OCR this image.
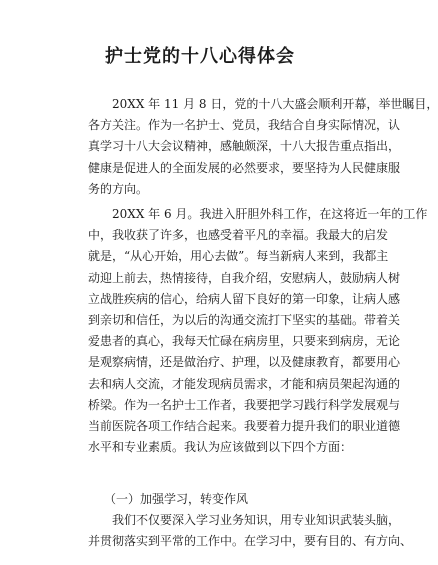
护士党的十八心得体会
　　20XX 年 11 月 8 日，党的十八大盛会顺利开幕，举世瞩目，
各方关注。作为一名护士、党员，我结合自身实际情况，认
真学习十八大会议精神，感触颇深，十八大报告重点指出，
健康是促进人的全面发展的必然要求，要坚持为人民健康服
务的方向。
　　20XX 年 6 月。我进入肝胆外科工作，在这将近一年的工作
中，我收获了许多，也感受着平凡的幸福。我最大的启发
就是，“从心开始，用心去做”。每当新病人来到，我都主
动迎上前去，热情接待，自我介绍，安慰病人，鼓励病人树
立战胜疾病的信心，给病人留下良好的第一印象，让病人感
到亲切和信任，为以后的沟通交流打下坚实的基础。带着关
爱患者的真心，我每天忙碌在病房里，只要来到病房，无论
是观察病情，还是做治疗、护理，以及健康教育，都要用心
去和病人交流，才能发现病员需求，才能和病员架起沟通的
桥梁。作为一名护士工作者，我要把学习践行科学发展观与
当前医院各项工作结合起来。我要着力提升我们的职业道德
水平和专业素质。我认为应该做到以下四个方面：
（一）加强学习，转变作风
　　我们不仅要深入学习业务知识，用专业知识武装头脑，
并贯彻落实到平常的工作中。在学习中，要有目的、有方向、
